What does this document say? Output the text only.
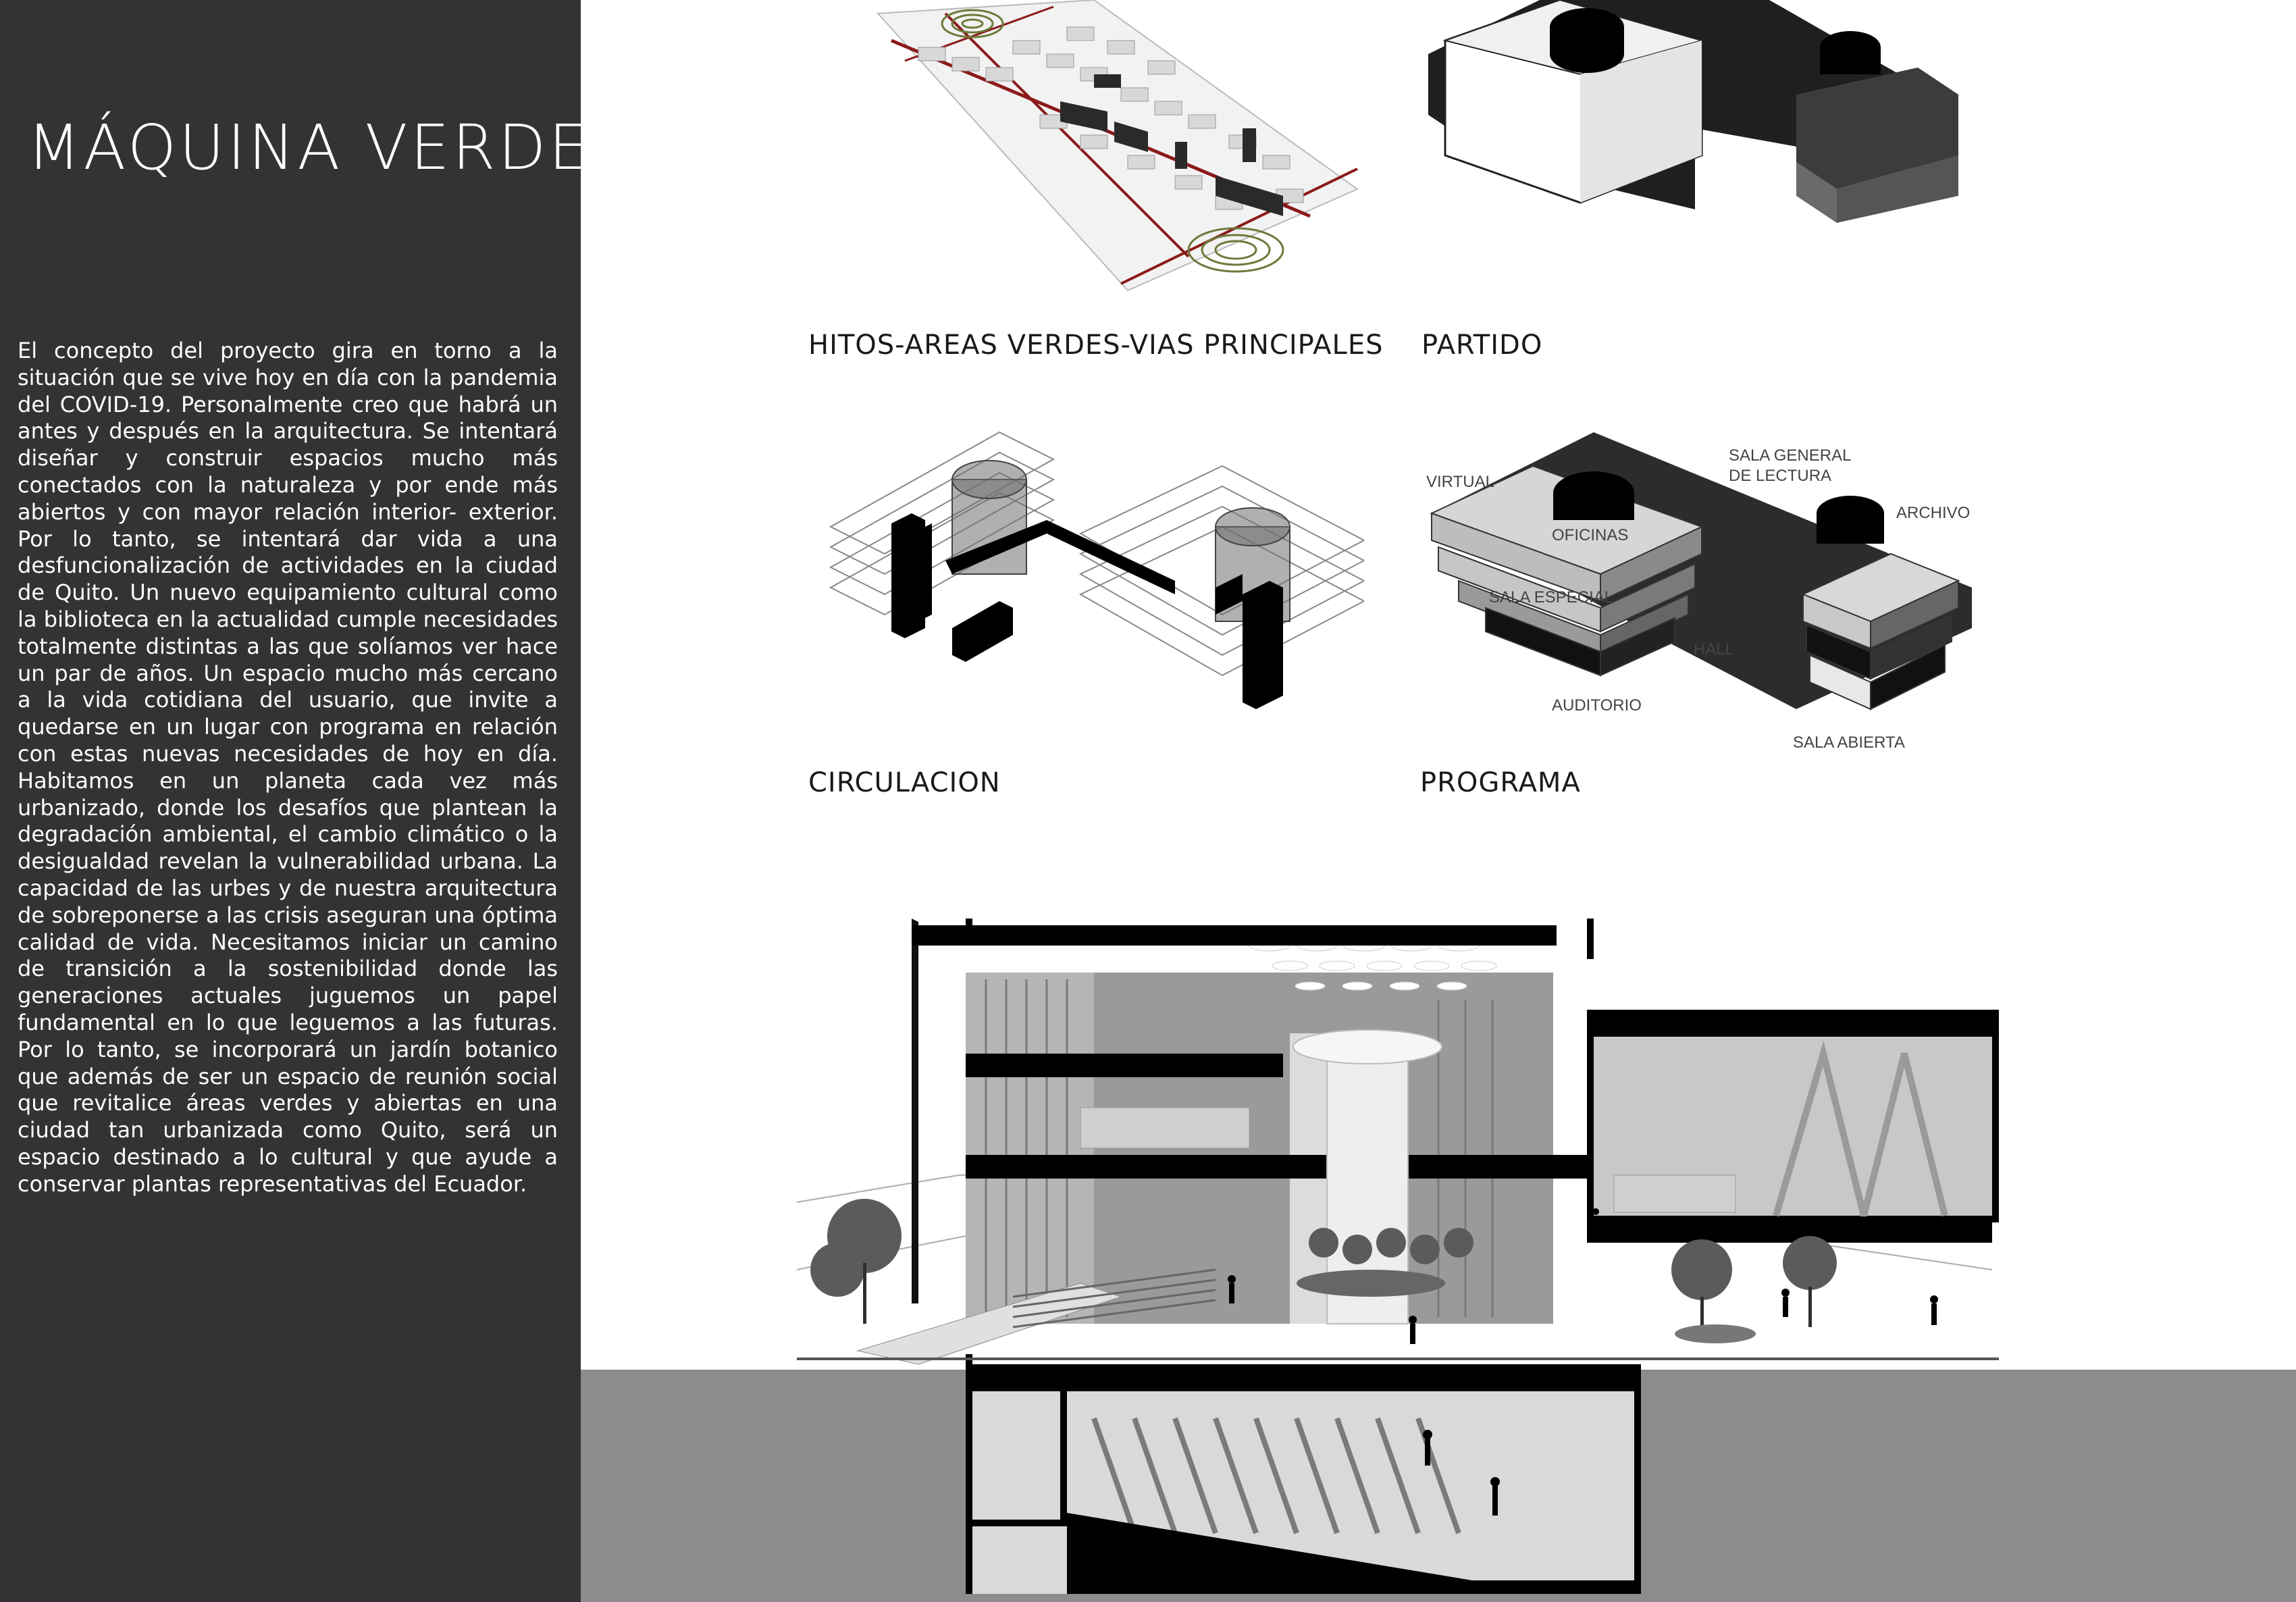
MÁQUINA VERDE

El concepto del proyecto gira en torno a la situación que se vive hoy en día con la pandemia del COVID-19. Personalmente creo que habrá un antes y después en la arquitectura. Se intentará diseñar y construir espacios mucho más conectados con la naturaleza y por ende más abiertos y con mayor relación interior- exterior. Por lo tanto, se intentará dar vida a una desfuncionalización de actividades en la ciudad de Quito. Un nuevo equipamiento cultural como la biblioteca en la actualidad cumple necesidades totalmente distintas a las que solíamos ver hace un par de años. Un espacio mucho más cercano a la vida cotidiana del usuario, que invite a quedarse en un lugar con programa en relación con estas nuevas necesidades de hoy en día. Habitamos en un planeta cada vez más urbanizado, donde los desafíos que plantean la degradación ambiental, el cambio climático o la desigualdad revelan la vulnerabilidad urbana. La capacidad de las urbes y de nuestra arquitectura de sobreponerse a las crisis aseguran una óptima calidad de vida. Necesitamos iniciar un camino de transición a la sostenibilidad donde las generaciones actuales juguemos un papel fundamental en lo que leguemos a las futuras. Por lo tanto, se incorporará un jardín botanico que además de ser un espacio de reunión social que revitalice áreas verdes y abiertas en una ciudad tan urbanizada como Quito, será un espacio destinado a lo cultural y que ayude a conservar plantas representativas del Ecuador.

HITOS-AREAS VERDES-VIAS PRINCIPALES PARTIDO
CIRCULACION
VIRTUAL
OFICINAS
SALA GENERAL
DE LECTURA
ARCHIVO
SALA ESPECIAL
HALL
AUDITORIO
SALA ABIERTA
PROGRAMA
